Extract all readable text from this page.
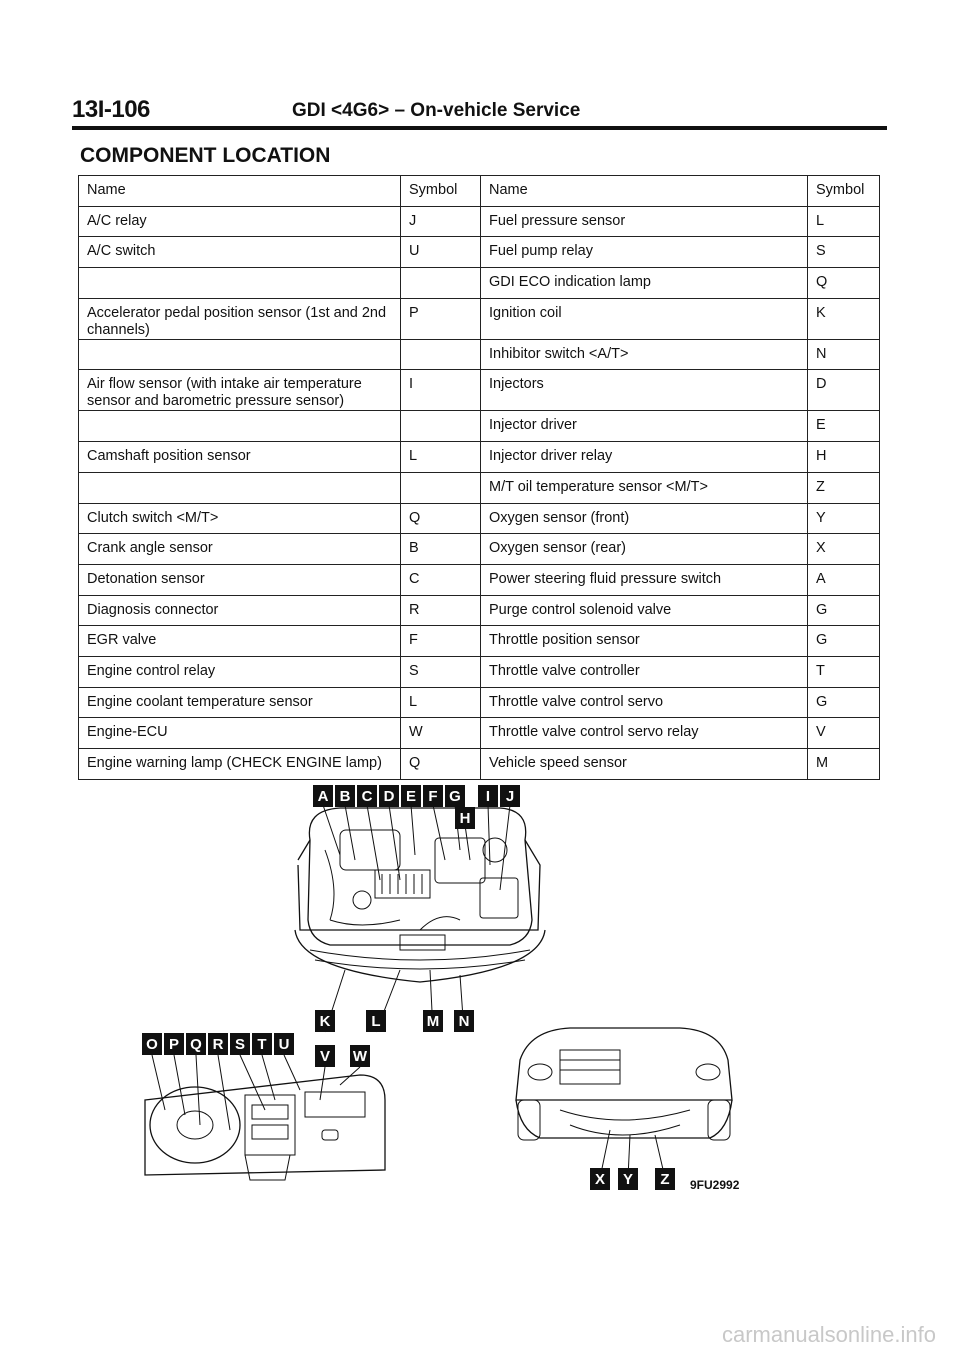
13I-106	GDI <4G6> – On-vehicle Service
COMPONENT LOCATION
Name	Symbol	Name	Symbol
A/C relay	J	Fuel pressure sensor	L
A/C switch	U	Fuel pump relay	S
		GDI ECO indication lamp	Q
Accelerator pedal position sensor (1st and 2nd channels)	P	Ignition coil	K
		Inhibitor switch <A/T>	N
Air flow sensor (with intake air temperature sensor and barometric pressure sensor)	I	Injectors	D
		Injector driver	E
Camshaft position sensor	L	Injector driver relay	H
		M/T oil temperature sensor <M/T>	Z
Clutch switch <M/T>	Q	Oxygen sensor (front)	Y
Crank angle sensor	B	Oxygen sensor (rear)	X
Detonation sensor	C	Power steering fluid pressure switch	A
Diagnosis connector	R	Purge control solenoid valve	G
EGR valve	F	Throttle position sensor	G
Engine control relay	S	Throttle valve controller	T
Engine coolant temperature sensor	L	Throttle valve control servo	G
Engine-ECU	W	Throttle valve control servo relay	V
Engine warning lamp (CHECK ENGINE lamp)	Q	Vehicle speed sensor	M
A B C D E F G I J
H
K	L	M N
O P Q R S T U
V W
X Y Z 9FU2992
carmanualsonline.info
